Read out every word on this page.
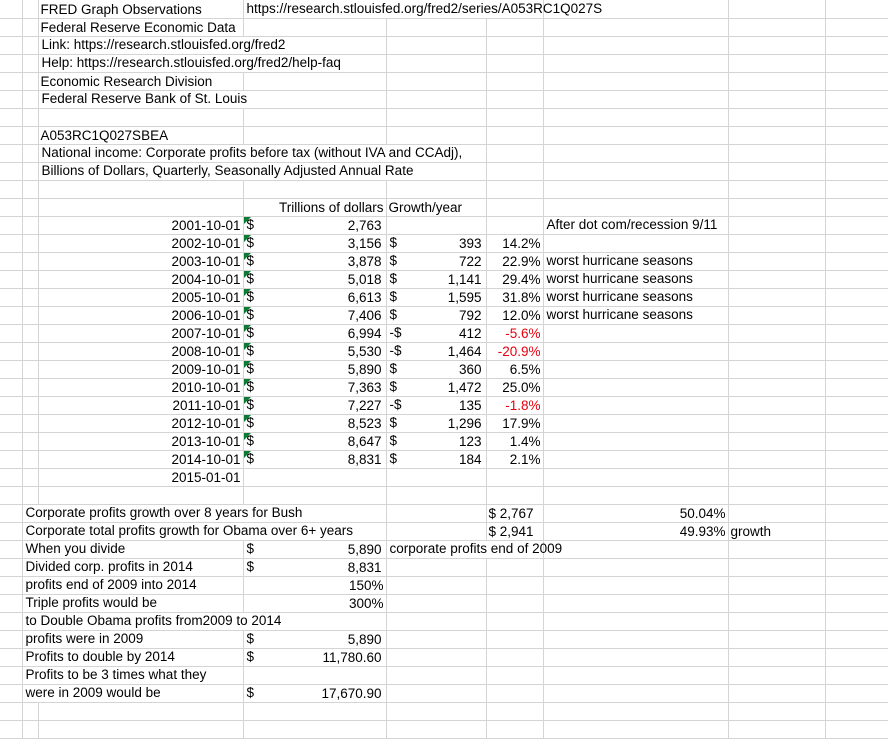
		FRED Graph Observations	https://research.stlouisfed.org/fred2/series/A053RC1Q027S					

		Federal Reserve Economic Data						

		Link: https://research.stlouisfed.org/fred2						

		Help: https://research.stlouisfed.org/fred2/help-faq						

		Economic Research Division						

		Federal Reserve Bank of St. Louis						

		A053RC1Q027SBEA						

		National income: Corporate profits before tax (without IVA and CCAdj),						

		Billions of Dollars, Quarterly, Seasonally Adjusted Annual Rate						

			Trillions of dollars	Growth/year				
		2001-10-01	$ 2,763			After dot com/recession 9/11		

		2002-10-01	$ 3,156	$ 393	14.2%	

		2003-10-01	$ 3,878	$ 722	22.9%	worst hurricane seasons		

		2004-10-01	$ 5,018	$ 1,141	29.4%	worst hurricane seasons		

		2005-10-01	$ 6,613	$ 1,595	31.8%	worst hurricane seasons		

		2006-10-01	$ 7,406	$ 792	12.0%	worst hurricane seasons		

		2007-10-01	$ 6,994	-$ 412	-5.6%	

		2008-10-01	$ 5,530	-$ 1,464	-20.9%	

		2009-10-01	$ 5,890	$ 360	6.5%	

		2010-10-01	$ 7,363	$ 1,472	25.0%	

		2011-10-01	$ 7,227	-$ 135	-1.8%	

		2012-10-01	$ 8,523	$ 1,296	17.9%	

		2013-10-01	$ 8,647	$ 123	1.4%	

		2014-10-01	$ 8,831	$ 184	2.1%	

		2015-01-01	

	Corporate profits growth over 8 years for Bush				$ 2,767	50.04%		

	Corporate total profits growth for Obama over 6+ years				$ 2,941	49.93%	growth	

	When you divide		$ 5,890	corporate profits end of 2009				

	Divided corp. profits in 2014		$ 8,831					

	profits end of 2009 into 2014		150%					

	Triple profits would be		300%					

	to Double Obama profits from2009 to 2014							

	profits were in 2009		$ 5,890					

	Profits to double by 2014		$ 11,780.60					

	Profits to be 3 times what they							

	were in 2009 would be		$ 17,670.90					
